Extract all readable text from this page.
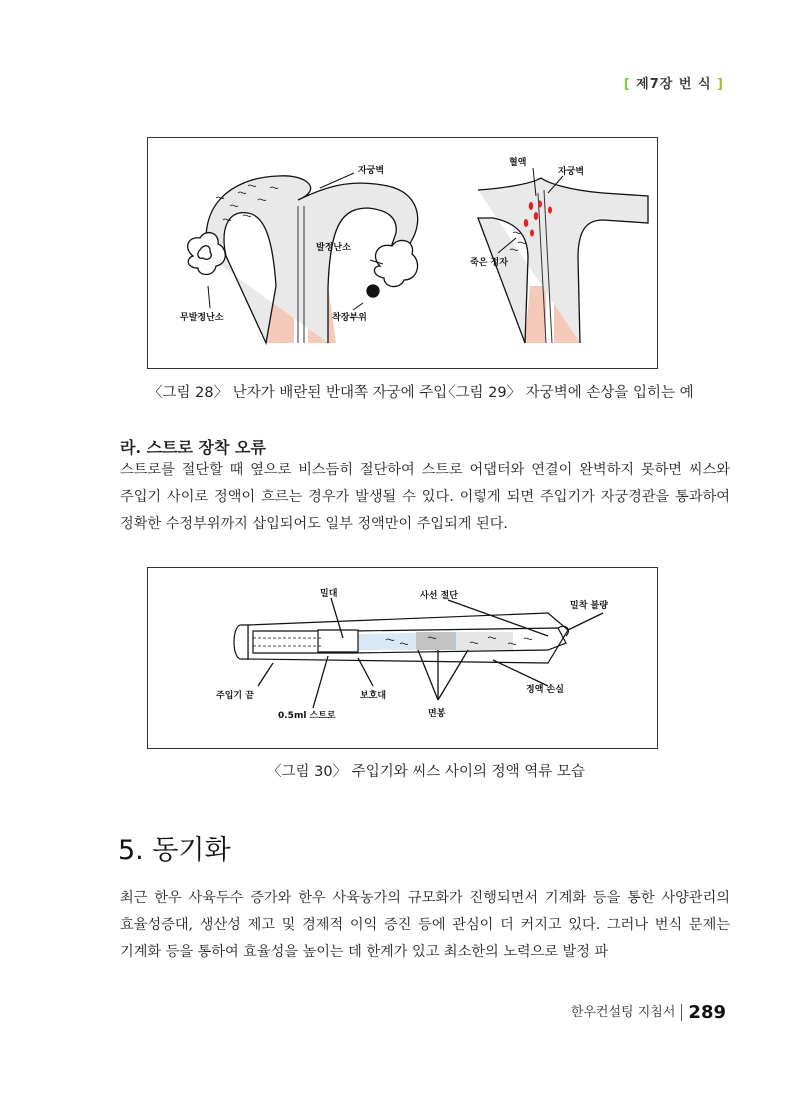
[ 제7장 번 식 ]
자궁벽
발정난소
무발정난소	착장부위
혈액
자궁벽
죽은 정자
〈그림 28〉 난자가 배란된 반대쪽 자궁에 주입
〈그림 29〉 자궁벽에 손상을 입히는 예
라. 스트로 장착 오류
스트로를 절단할 때 옆으로 비스듬히 절단하여 스트로 어댑터와 연결이 완벽하지 못하면 씨스와 주입기 사이로 정액이 흐르는 경우가 발생될 수 있다. 이렇게 되면 주입기가 자궁경관을 통과하여 정확한 수정부위까지 삽입되어도 일부 정액만이 주입되게 된다.
밀대	사선 절단
밀착 불량
주입기 끝
0.5ml 스트로
보호대
정액 손실
면봉
〈그림 30〉 주입기와 씨스 사이의 정액 역류 모습
5. 동기화
최근 한우 사육두수 증가와 한우 사육농가의 규모화가 진행되면서 기계화 등을 통한 사양관리의 효율성증대, 생산성 제고 및 경제적 이익 증진 등에 관심이 더 커지고 있다. 그러나 번식 문제는 기계화 등을 통하여 효율성을 높이는 데 한계가 있고 최소한의 노력으로 발정 파
한우컨설팅 지침서 289
